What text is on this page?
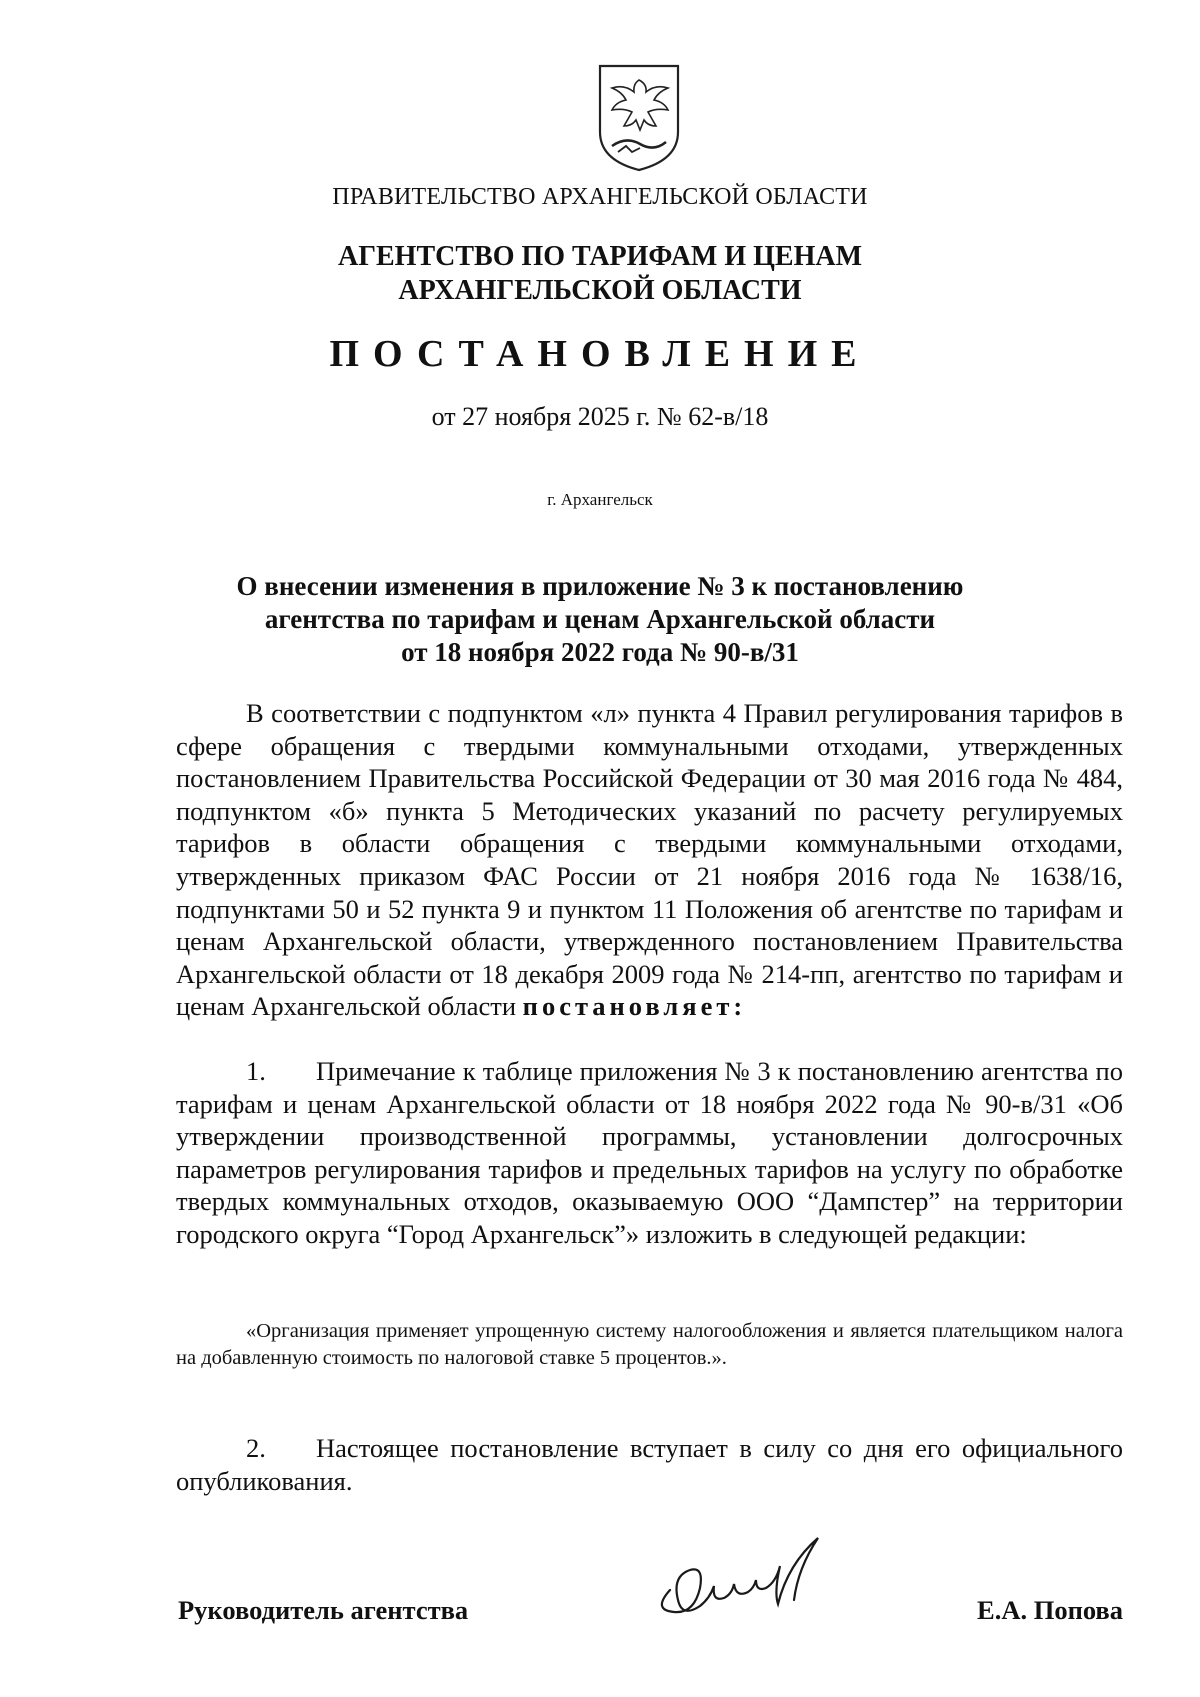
ПРАВИТЕЛЬСТВО АРХАНГЕЛЬСКОЙ ОБЛАСТИ
АГЕНТСТВО ПО ТАРИФАМ И ЦЕНАМ
АРХАНГЕЛЬСКОЙ ОБЛАСТИ
ПОСТАНОВЛЕНИЕ
от 27 ноября 2025 г. № 62-в/18
г. Архангельск
О внесении изменения в приложение № 3 к постановлению
агентства по тарифам и ценам Архангельской области
от 18 ноября 2022 года № 90-в/31
В соответствии с подпунктом «л» пункта 4 Правил регулирования тарифов в сфере обращения с твердыми коммунальными отходами, утвержденных постановлением Правительства Российской Федерации от 30 мая 2016 года № 484, подпунктом «б» пункта 5 Методических указаний по расчету регулируемых тарифов в области обращения с твердыми коммунальными отходами, утвержденных приказом ФАС России от 21 ноября 2016 года № 1638/16, подпунктами 50 и 52 пункта 9 и пунктом 11 Положения об агентстве по тарифам и ценам Архангельской области, утвержденного постановлением Правительства Архангельской области от 18 декабря 2009 года № 214-пп, агентство по тарифам и ценам Архангельской области постановляет:
1. Примечание к таблице приложения № 3 к постановлению агентства по тарифам и ценам Архангельской области от 18 ноября 2022 года № 90-в/31 «Об утверждении производственной программы, установлении долгосрочных параметров регулирования тарифов и предельных тарифов на услугу по обработке твердых коммунальных отходов, оказываемую ООО “Дампстер” на территории городского округа “Город Архангельск”» изложить в следующей редакции:
«Организация применяет упрощенную систему налогообложения и является плательщиком налога на добавленную стоимость по налоговой ставке 5 процентов.».
2. Настоящее постановление вступает в силу со дня его официального опубликования.
Руководитель агентства	Е.А. Попова
